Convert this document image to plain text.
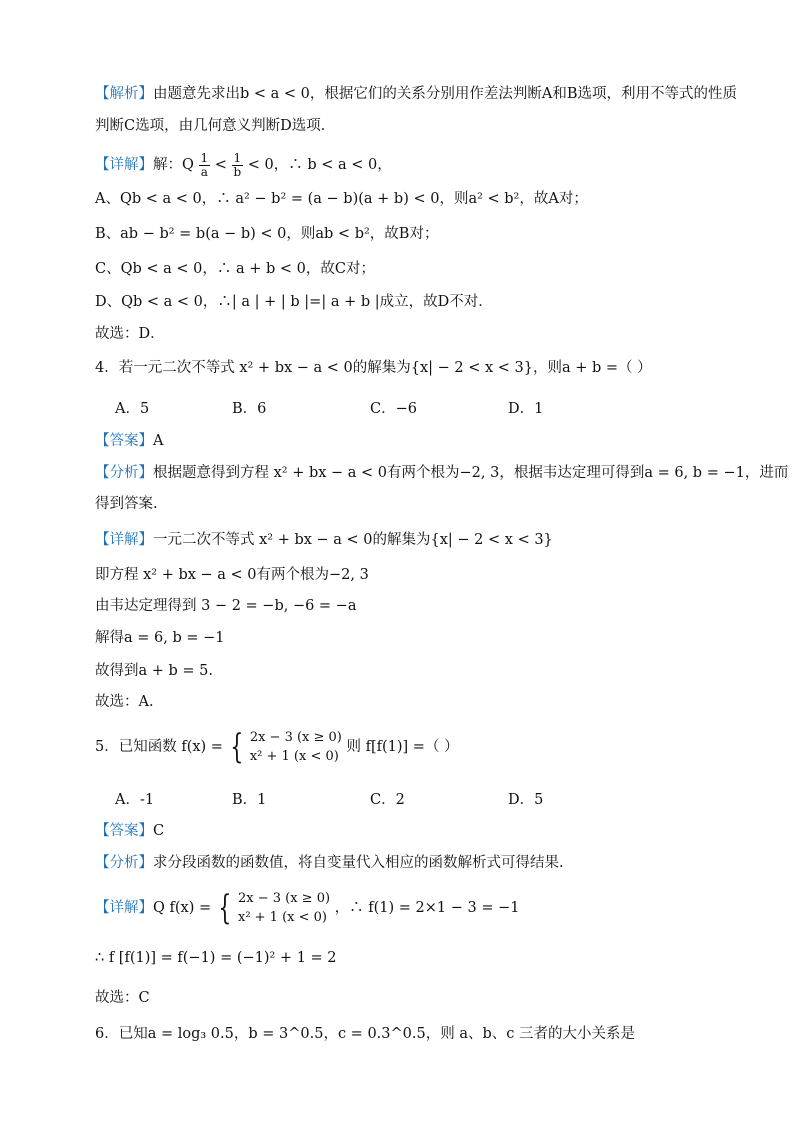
【解析】由题意先求出b < a < 0，根据它们的关系分别用作差法判断A和B选项，利用不等式的性质
判断C选项，由几何意义判断D选项．
【详解】解：Q $\frac{1}{a} < \frac{1}{b} < 0$，∴ b < a < 0，
A、Qb < a < 0，∴ a² − b² = (a − b)(a + b) < 0，则a² < b²，故A对；
B、ab − b² = b(a − b) < 0，则ab < b²，故B对；
C、Qb < a < 0，∴ a + b < 0，故C对；
D、Qb < a < 0，∴| a | + | b |=| a + b |成立，故D不对．
故选：D．
4．若一元二次不等式 x² + bx − a < 0的解集为{x| − 2 < x < 3}，则a + b =（ ）
A．5	B．6	C．−6	D．1
【答案】A
【分析】根据题意得到方程 x² + bx − a < 0有两个根为−2, 3，根据韦达定理可得到a = 6, b = −1，进而
得到答案.
【详解】一元二次不等式 x² + bx − a < 0的解集为{x| − 2 < x < 3}
即方程 x² + bx − a < 0有两个根为−2, 3
由韦达定理得到 3 − 2 = −b, −6 = −a
解得a = 6, b = −1
故得到a + b = 5.
故选：A.
5．已知函数 f(x) = { 2x − 3 (x ≥ 0)
x² + 1 (x < 0)
则 f[f(1)] =（ ）
A．-1	B．1	C．2	D．5
【答案】C
【分析】求分段函数的函数值，将自变量代入相应的函数解析式可得结果.
【详解】Q f(x) = { 2x − 3 (x ≥ 0)
x² + 1 (x < 0)
，∴ f(1) = 2×1 − 3 = −1
∴ f [f(1)] = f(−1) = (−1)² + 1 = 2
故选：C
6．已知a = log₃ 0.5，b = 3^0.5，c = 0.3^0.5，则 a、b、c 三者的大小关系是
